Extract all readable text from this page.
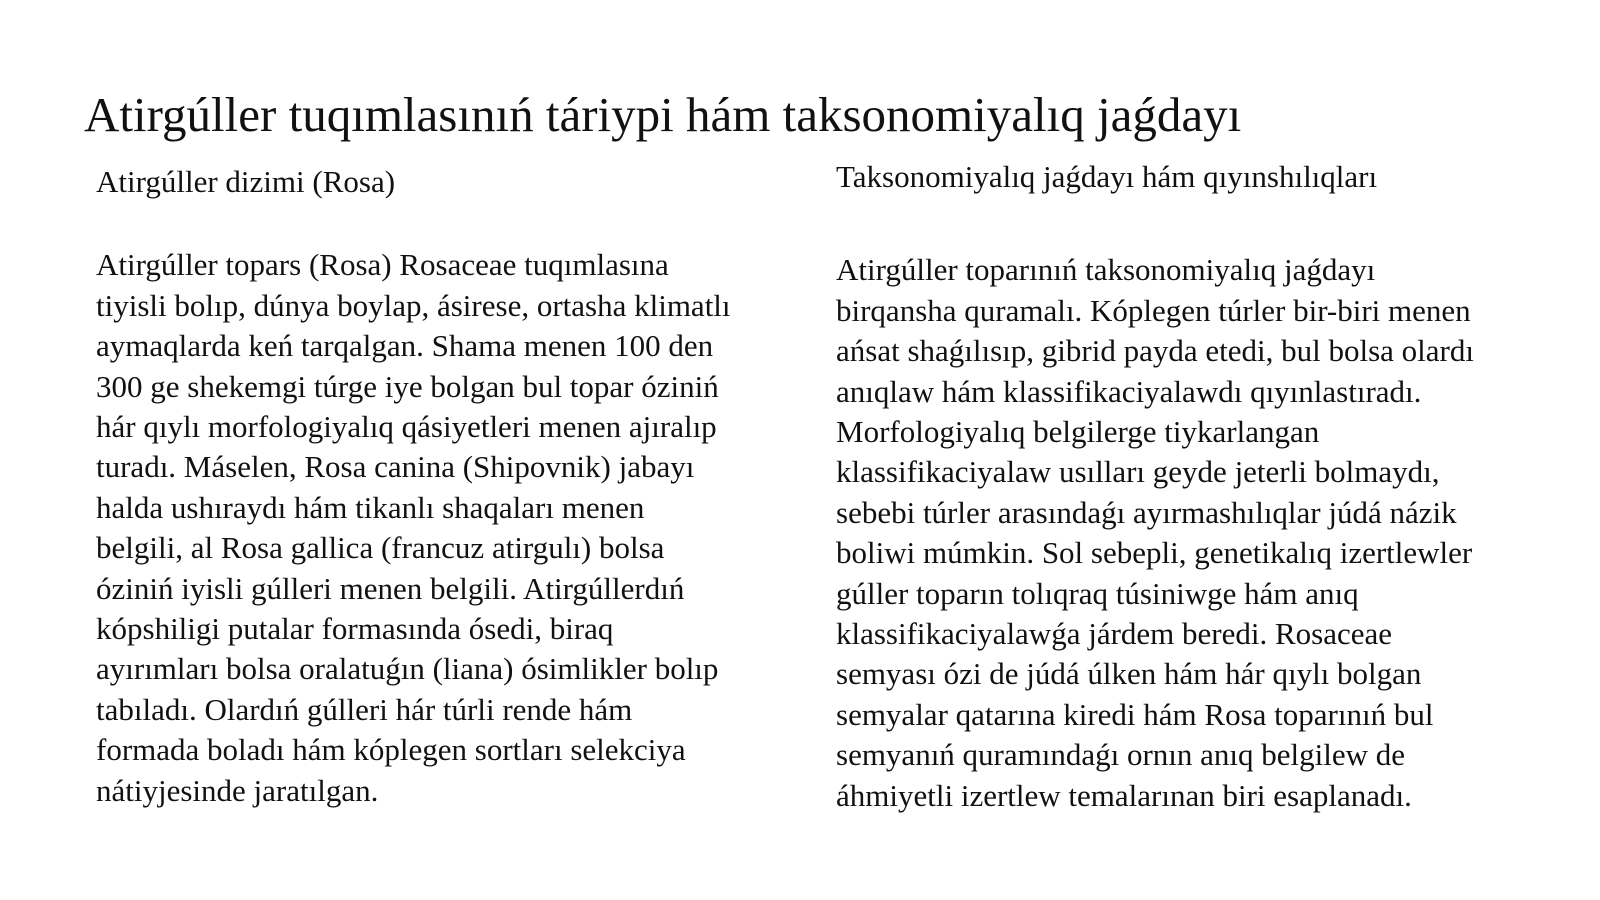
Atirgúller tuqımlasınıń táriypi hám taksonomiyalıq jaǵdayı
Atirgúller dizimi (Rosa)

Atirgúller topars (Rosa) Rosaceae tuqımlasına
tiyisli bolıp, dúnya boylap, ásirese, ortasha klimatlı
aymaqlarda keń tarqalgan. Shama menen 100 den
300 ge shekemgi túrge iye bolgan bul topar óziniń
hár qıylı morfologiyalıq qásiyetleri menen ajıralıp
turadı. Máselen, Rosa canina (Shipovnik) jabayı
halda ushıraydı hám tikanlı shaqaları menen
belgili, al Rosa gallica (francuz atirgulı) bolsa
óziniń iyisli gúlleri menen belgili. Atirgúllerdıń
kópshiligi putalar formasında ósedi, biraq
ayırımları bolsa oralatuǵın (liana) ósimlikler bolıp
tabıladı. Olardıń gúlleri hár túrli rende hám
formada boladı hám kóplegen sortları selekciya
nátiyjesinde jaratılgan.

Taksonomiyalıq jaǵdayı hám qıyınshılıqları

Atirgúller toparınıń taksonomiyalıq jaǵdayı
birqansha quramalı. Kóplegen túrler bir-biri menen
ańsat shaǵılısıp, gibrid payda etedi, bul bolsa olardı
anıqlaw hám klassifikaciyalawdı qıyınlastıradı.
Morfologiyalıq belgilerge tiykarlangan
klassifikaciyalaw usılları geyde jeterli bolmaydı,
sebebi túrler arasındaǵı ayırmashılıqlar júdá názik
boliwi múmkin. Sol sebepli, genetikalıq izertlewler
gúller toparın tolıqraq túsiniwge hám anıq
klassifikaciyalawǵa járdem beredi. Rosaceae
semyası ózi de júdá úlken hám hár qıylı bolgan
semyalar qatarına kiredi hám Rosa toparınıń bul
semyanıń quramındaǵı ornın anıq belgilew de
áhmiyetli izertlew temalarınan biri esaplanadı.
